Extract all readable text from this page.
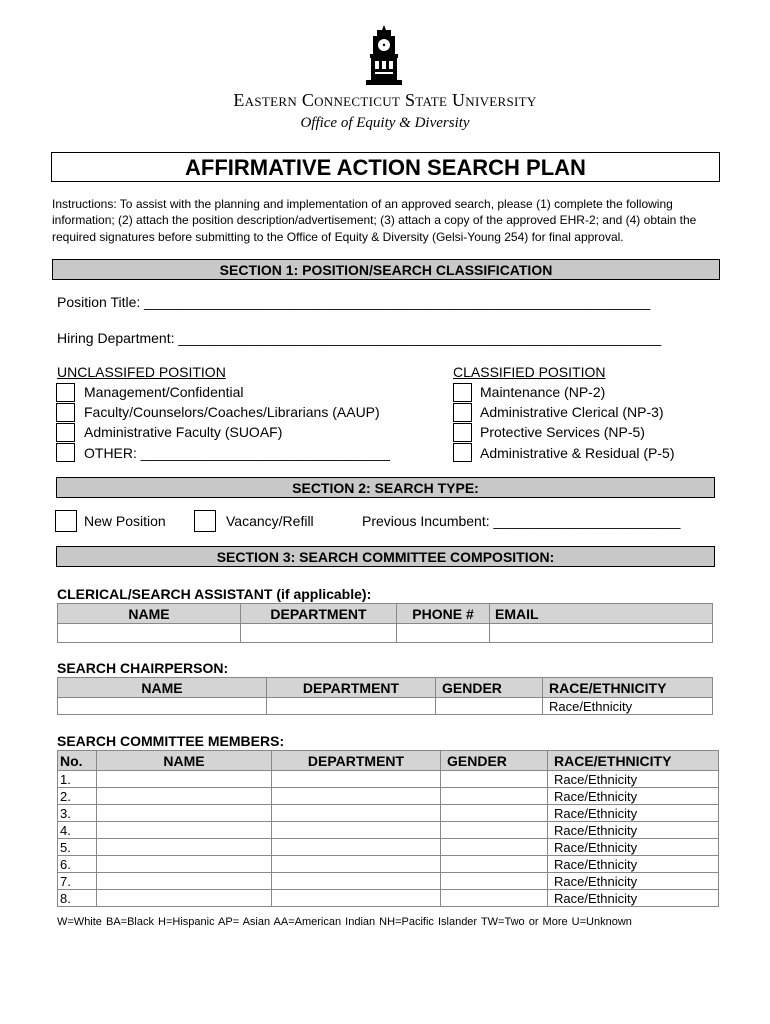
Eastern Connecticut State University
Office of Equity & Diversity
AFFIRMATIVE ACTION SEARCH PLAN
Instructions: To assist with the planning and implementation of an approved search, please (1) complete the following information; (2) attach the position description/advertisement; (3) attach a copy of the approved EHR-2; and (4) obtain the required signatures before submitting to the Office of Equity & Diversity (Gelsi-Young 254) for final approval.
SECTION 1: POSITION/SEARCH CLASSIFICATION
Position Title: _________________________________________________________________
Hiring Department: ______________________________________________________________
UNCLASSIFED POSITION
Management/Confidential
Faculty/Counselors/Coaches/Librarians (AAUP)
Administrative Faculty (SUOAF)
OTHER: ________________________________
CLASSIFIED POSITION
Maintenance (NP-2)
Administrative Clerical (NP-3)
Protective Services (NP-5)
Administrative & Residual (P-5)
SECTION 2: SEARCH TYPE:
New Position	Vacancy/Refill	Previous Incumbent: ________________________
SECTION 3: SEARCH COMMITTEE COMPOSITION:
CLERICAL/SEARCH ASSISTANT (if applicable):
NAME	DEPARTMENT	PHONE #	EMAIL

SEARCH CHAIRPERSON:
NAME	DEPARTMENT	GENDER	RACE/ETHNICITY
			Race/Ethnicity
SEARCH COMMITTEE MEMBERS:
No.	NAME	DEPARTMENT	GENDER	RACE/ETHNICITY
1.				Race/Ethnicity
2.				Race/Ethnicity
3.				Race/Ethnicity
4.				Race/Ethnicity
5.				Race/Ethnicity
6.				Race/Ethnicity
7.				Race/Ethnicity
8.				Race/Ethnicity
W=White BA=Black H=Hispanic AP= Asian AA=American Indian NH=Pacific Islander TW=Two or More U=Unknown
